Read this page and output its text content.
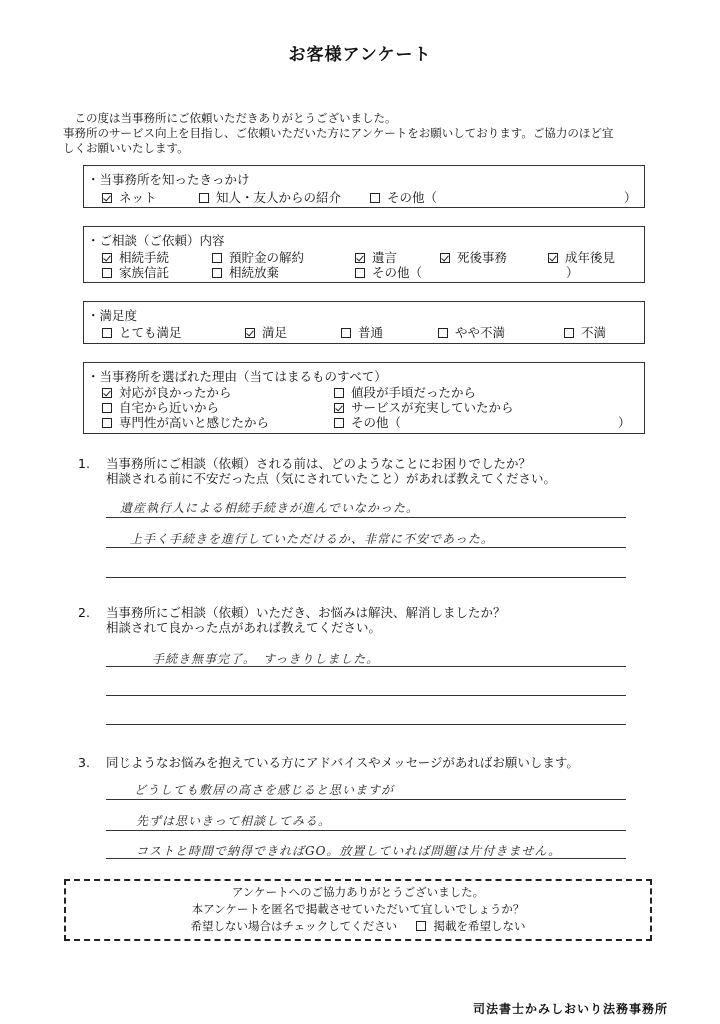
お客様アンケート
　この度は当事務所にご依頼いただきありがとうございました。
事務所のサービス向上を目指し、ご依頼いただいた方にアンケートをお願いしております。ご協力のほど宜
しくお願いいたします。
・当事務所を知ったきっかけ
ネット	知人・友人からの紹介	その他（	）
・ご相談（ご依頼）内容
相続手続	預貯金の解約	遺言	死後事務	成年後見
家族信託	相続放棄	その他（	）
・満足度
とても満足	満足	普通	やや不満	不満
・当事務所を選ばれた理由（当てはまるものすべて）
対応が良かったから	値段が手頃だったから
自宅から近いから	サービスが充実していたから
専門性が高いと感じたから	その他（	）
1. 当事務所にご相談（依頼）される前は、どのようなことにお困りでしたか？
相談される前に不安だった点（気にされていたこと）があれば教えてください。
遺産執行人による相続手続きが進んでいなかった。
上手く手続きを進行していただけるか、非常に不安であった。
2. 当事務所にご相談（依頼）いただき、お悩みは解決、解消しましたか？
相談されて良かった点があれば教えてください。
手続き無事完了。　すっきりしました。
3. 同じようなお悩みを抱えている方にアドバイスやメッセージがあればお願いします。
どうしても敷居の高さを感じると思いますが
先ずは思いきって相談してみる。
コストと時間で納得できればGO。放置していれば問題は片付きません。
アンケートへのご協力ありがとうございました。
本アンケートを匿名で掲載させていただいて宜しいでしょうか？
希望しない場合はチェックしてください	掲載を希望しない
司法書士かみしおいり法務事務所
